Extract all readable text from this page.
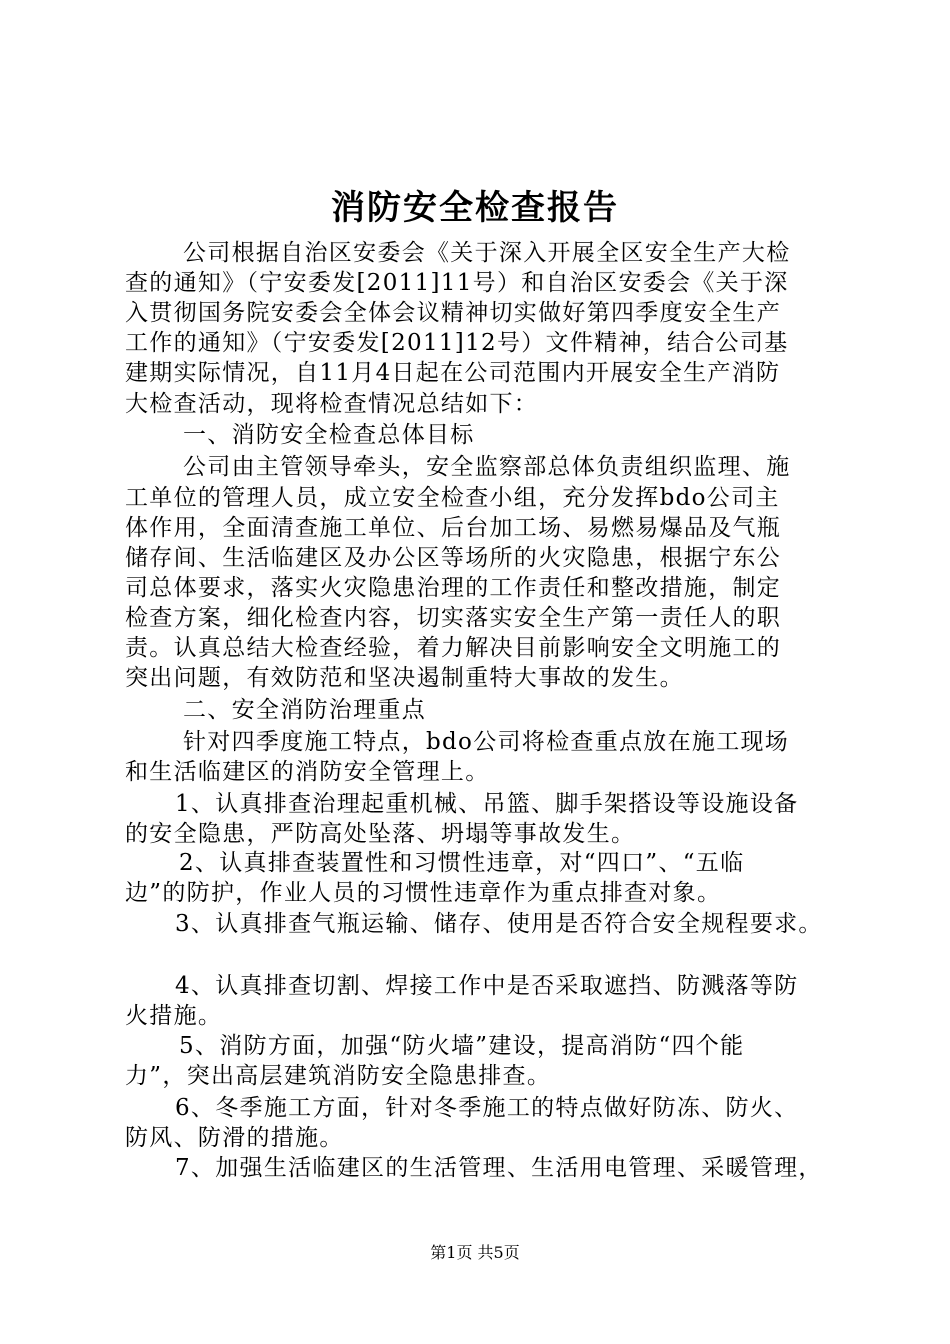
消防安全检查报告
公司根据自治区安委会《关于深入开展全区安全生产大检
查的通知》（宁安委发[2011]11号）和自治区安委会《关于深
入贯彻国务院安委会全体会议精神切实做好第四季度安全生产
工作的通知》（宁安委发[2011]12号）文件精神，结合公司基
建期实际情况，自11月4日起在公司范围内开展安全生产消防
大检查活动，现将检查情况总结如下：
一、消防安全检查总体目标
公司由主管领导牵头，安全监察部总体负责组织监理、施
工单位的管理人员，成立安全检查小组，充分发挥bdo公司主
体作用，全面清查施工单位、后台加工场、易燃易爆品及气瓶
储存间、生活临建区及办公区等场所的火灾隐患，根据宁东公
司总体要求，落实火灾隐患治理的工作责任和整改措施，制定
检查方案，细化检查内容，切实落实安全生产第一责任人的职
责。认真总结大检查经验，着力解决目前影响安全文明施工的
突出问题，有效防范和坚决遏制重特大事故的发生。
二、安全消防治理重点
针对四季度施工特点，bdo公司将检查重点放在施工现场
和生活临建区的消防安全管理上。
1、认真排查治理起重机械、吊篮、脚手架搭设等设施设备
的安全隐患，严防高处坠落、坍塌等事故发生。
2、认真排查装置性和习惯性违章，对“四口”、“五临
边”的防护，作业人员的习惯性违章作为重点排查对象。
3、认真排查气瓶运输、储存、使用是否符合安全规程要求。
4、认真排查切割、焊接工作中是否采取遮挡、防溅落等防
火措施。
5、消防方面，加强“防火墙”建设，提高消防“四个能
力”，突出高层建筑消防安全隐患排查。
6、冬季施工方面，针对冬季施工的特点做好防冻、防火、
防风、防滑的措施。
7、加强生活临建区的生活管理、生活用电管理、采暖管理，
第1页 共5页
